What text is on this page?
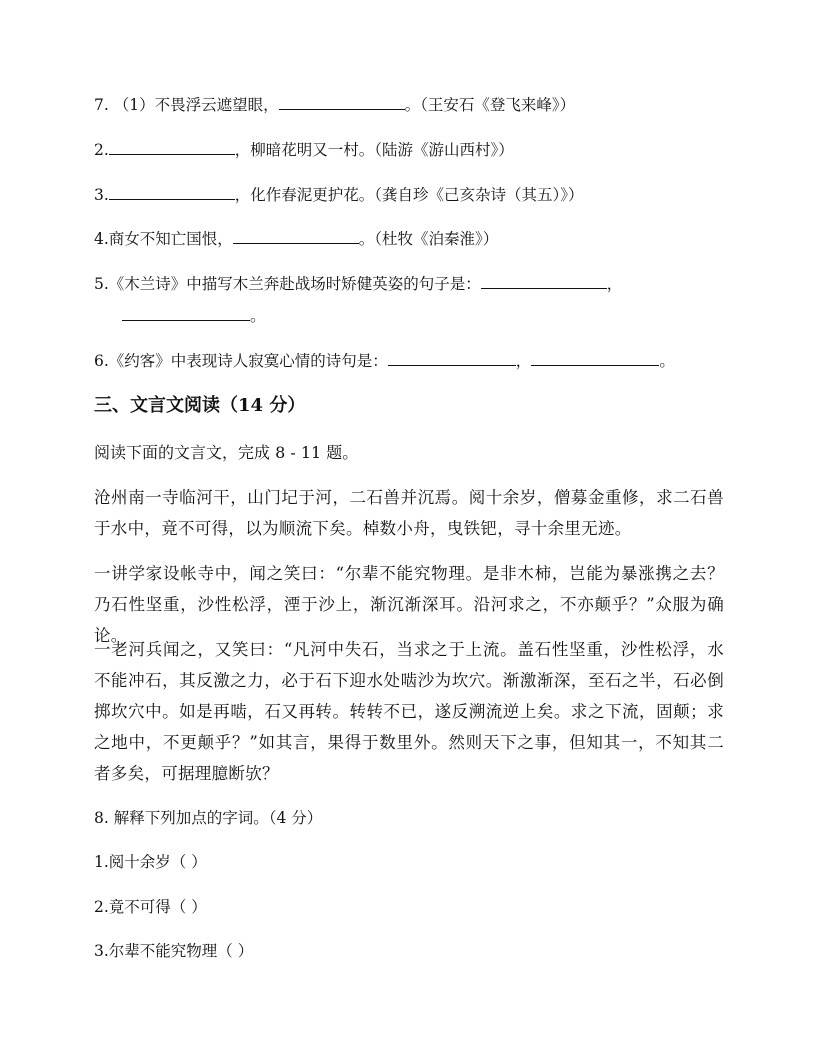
7. （1）不畏浮云遮望眼，	。（王安石《登飞来峰》）
2.	，柳暗花明又一村。（陆游《游山西村》）
3.	，化作春泥更护花。（龚自珍《己亥杂诗（其五）》）
4.商女不知亡国恨，	。（杜牧《泊秦淮》）
5.《木兰诗》中描写木兰奔赴战场时矫健英姿的句子是：	，
。
6.《约客》中表现诗人寂寞心情的诗句是：	，	。
三、文言文阅读（14 分）
阅读下面的文言文，完成 8 - 11 题。
沧州南一寺临河干，山门圮于河，二石兽并沉焉。阅十余岁，僧募金重修，求二石兽于水中，竟不可得，以为顺流下矣。棹数小舟，曳铁钯，寻十余里无迹。
一讲学家设帐寺中，闻之笑曰：“尔辈不能究物理。是非木柿，岂能为暴涨携之去？乃石性坚重，沙性松浮，湮于沙上，渐沉渐深耳。沿河求之，不亦颠乎？”众服为确论。
一老河兵闻之，又笑曰：“凡河中失石，当求之于上流。盖石性坚重，沙性松浮，水不能冲石，其反激之力，必于石下迎水处啮沙为坎穴。渐激渐深，至石之半，石必倒掷坎穴中。如是再啮，石又再转。转转不已，遂反溯流逆上矣。求之下流，固颠；求之地中，不更颠乎？”如其言，果得于数里外。然则天下之事，但知其一，不知其二者多矣，可据理臆断欤？
8. 解释下列加点的字词。（4 分）
1.阅十余岁（ ）
2.竟不可得（ ）
3.尔辈不能究物理（ ）
